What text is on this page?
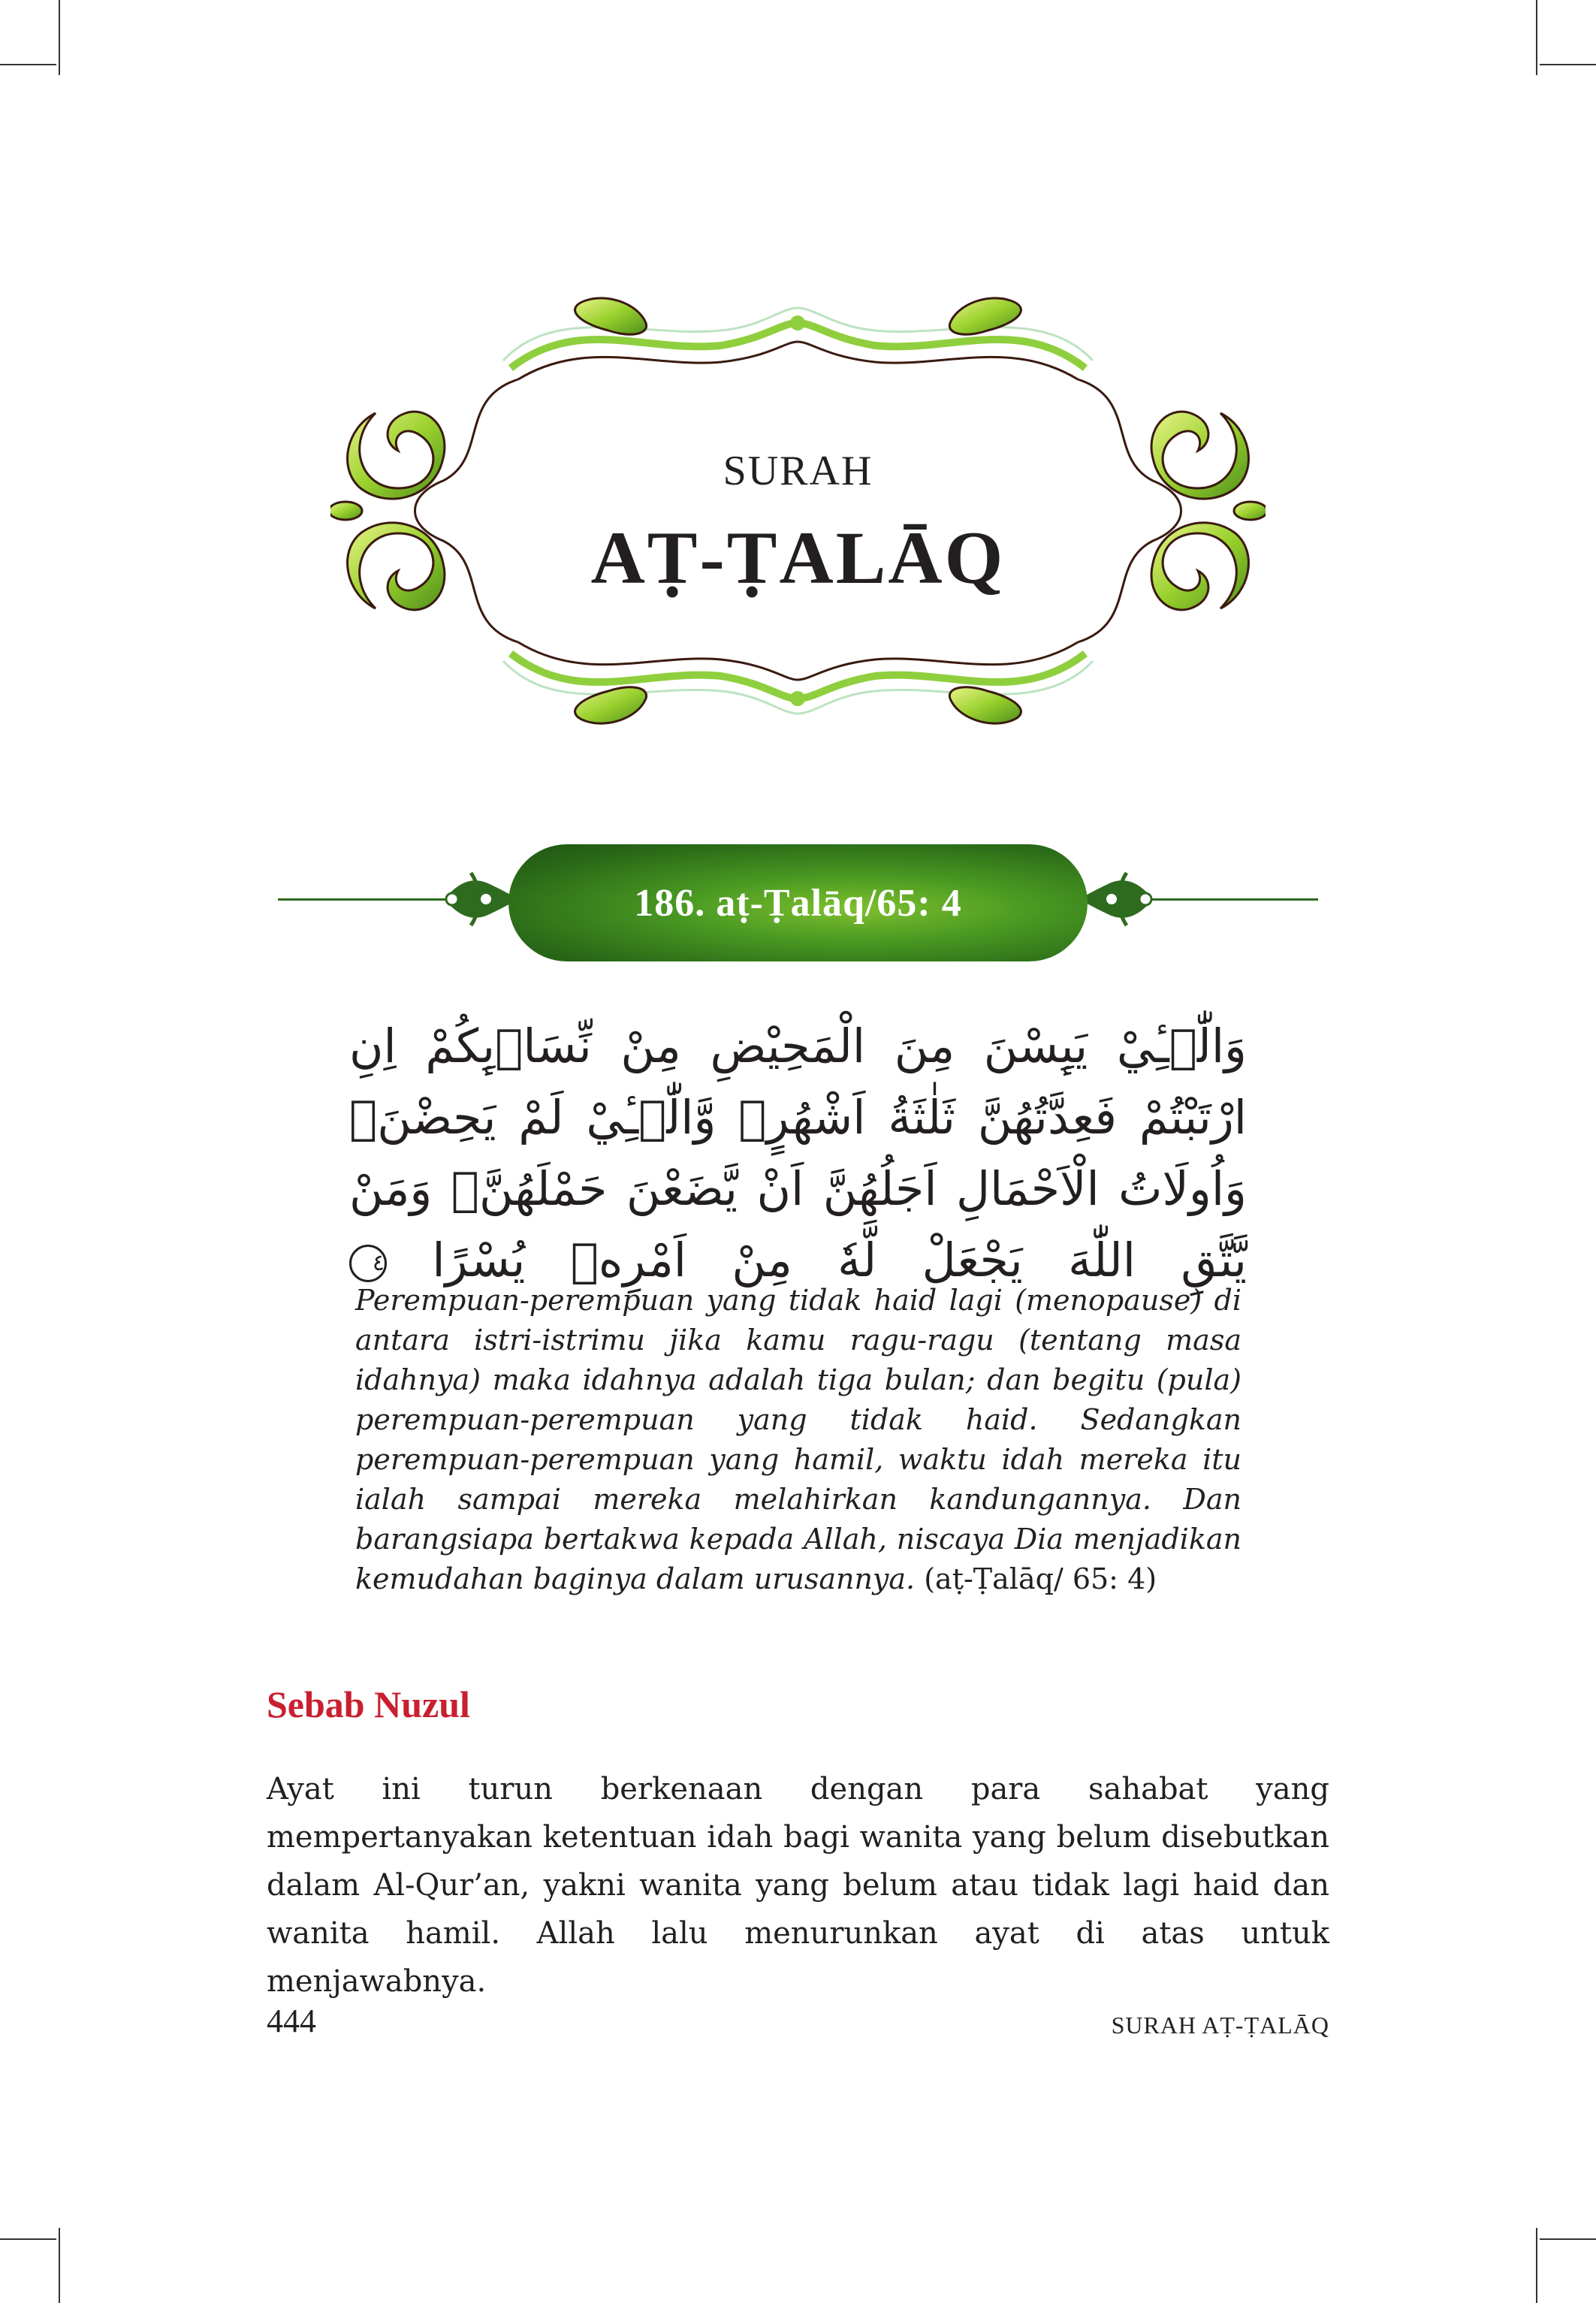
SURAH
AṬ-ṬALĀQ
186. aṭ-Ṭalāq/65: 4
وَالّٰۤـِٔيْ يَىِٕسْنَ مِنَ الْمَحِيْضِ مِنْ نِّسَاۤىِٕكُمْ اِنِ ارْتَبْتُمْ فَعِدَّتُهُنَّ ثَلٰثَةُ اَشْهُرٍۙ وَّالّٰۤـِٔيْ لَمْ يَحِضْنَۗ وَاُولَاتُ الْاَحْمَالِ اَجَلُهُنَّ اَنْ يَّضَعْنَ حَمْلَهُنَّۗ وَمَنْ يَّتَّقِ اللّٰهَ يَجْعَلْ لَّهٗ مِنْ اَمْرِهٖ يُسْرًا ٤
Perempuan-perempuan yang tidak haid lagi (menopause) di antara istri-istrimu jika kamu ragu-ragu (tentang masa idahnya) maka idahnya adalah tiga bulan; dan begitu (pula) perempuan-perempuan yang tidak haid. Sedangkan perempuan-perempuan yang hamil, waktu idah mereka itu ialah sampai mereka melahirkan kandungannya. Dan barangsiapa bertakwa kepada Allah, niscaya Dia menjadikan kemudahan baginya dalam urusannya. (aṭ-Ṭalāq/ 65: 4)
Sebab Nuzul
Ayat ini turun berkenaan dengan para sahabat yang mempertanyakan ketentuan idah bagi wanita yang belum disebutkan dalam Al-Qur’an, yakni wanita yang belum atau tidak lagi haid dan wanita hamil. Allah lalu menurunkan ayat di atas untuk menjawabnya.
444	SURAH AṬ-ṬALĀQ
